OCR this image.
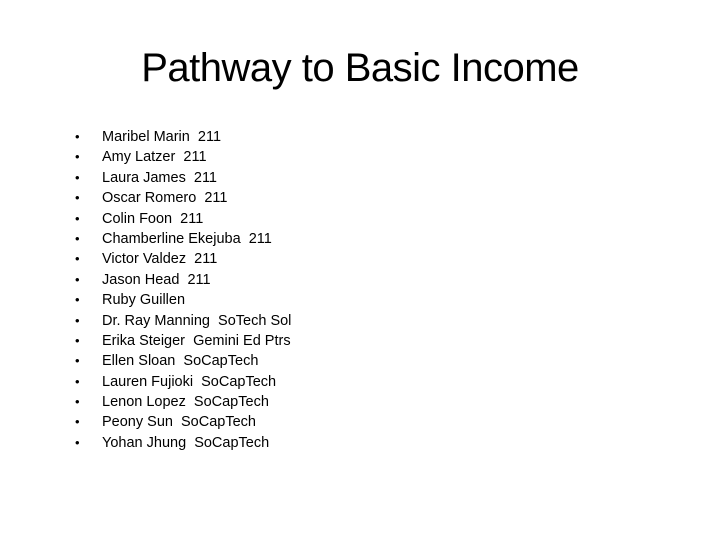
Pathway to Basic Income
• Maribel Marin  211
• Amy Latzer  211
• Laura James  211
• Oscar Romero  211
• Colin Foon  211
• Chamberline Ekejuba  211
• Victor Valdez  211
• Jason Head  211
• Ruby Guillen
• Dr. Ray Manning  SoTech Sol
• Erika Steiger  Gemini Ed Ptrs
• Ellen Sloan  SoCapTech
• Lauren Fujioki  SoCapTech
• Lenon Lopez  SoCapTech
• Peony Sun  SoCapTech
• Yohan Jhung  SoCapTech
